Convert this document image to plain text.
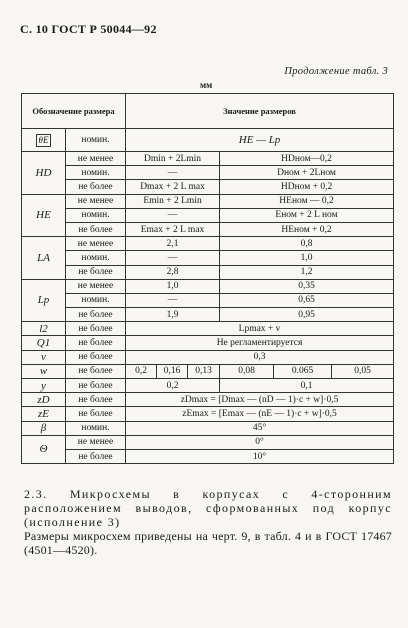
С. 10 ГОСТ Р 50044—92
Продолжение табл. 3
мм
Обозначение размера		Значение размеров					
θE	номин.	HE — Lp					
HD	не менее	Dmin + 2Lmin			HDном—0,2		
	номин.	—			Dном + 2Lном		
	не более	Dmax + 2 L max			HDном + 0,2		
HE	не менее	Emin + 2 Lmin			HEном — 0,2		
	номин.	—			Eном + 2 L ном		
	не более	Emax + 2 L max			HEном + 0,2		
LA	не менее	2,1			0,8		
	номин.	—			1,0		
	не более	2,8			1,2		
Lp	не менее	1,0			0,35		
	номин.	—			0,65		
	не более	1,9			0,95		
l2	не более	Lpmax + v					
Q1	не более	Не регламентируется					
v	не более	0,3					
w	не более	0,2	0,16	0,13	0,08	0.065	0,05
y	не более	0,2			0,1		
zD	не более	zDmax = [Dmax — (nD — 1)·c + w]·0,5					
zE	не более	zEmax = [Emax — (nE — 1)·c + w]·0,5					
β	номин.	45°					
Θ	не менее	0°					
	не более	10°					
2.3. Микросхемы в корпусах с 4-сторонним расположением выводов, сформованных под корпус (исполнение 3)
Размеры микросхем приведены на черт. 9, в табл. 4 и в ГОСТ 17467 (4501—4520).
